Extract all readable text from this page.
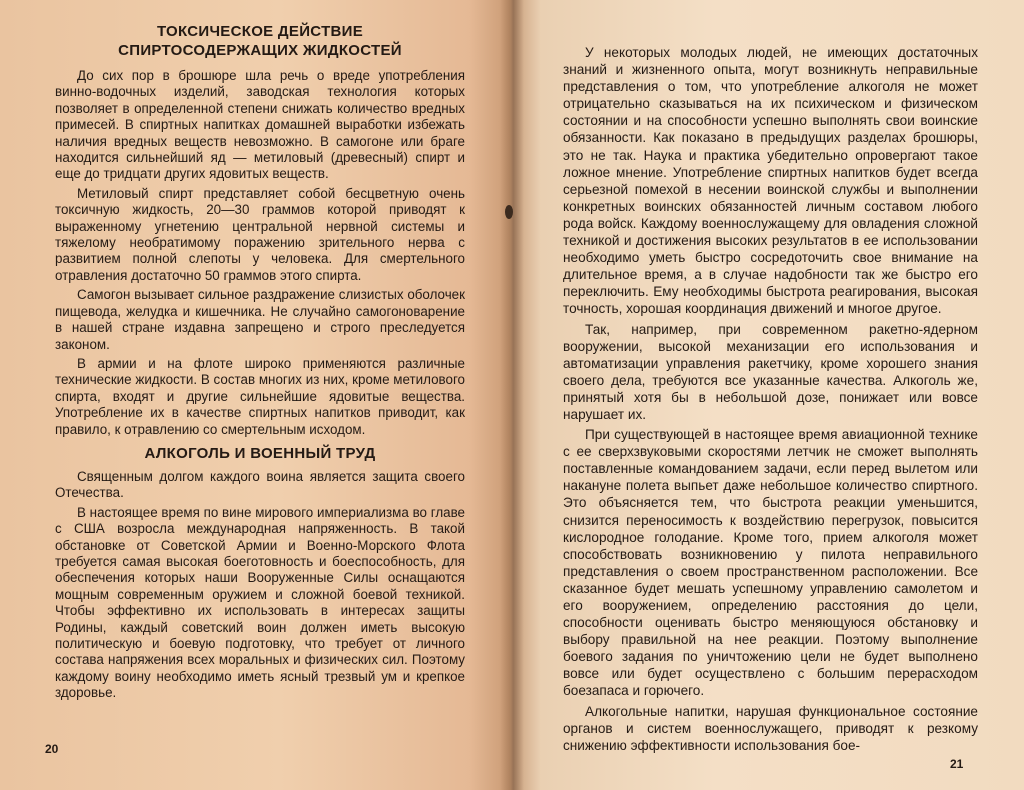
ТОКСИЧЕСКОЕ ДЕЙСТВИЕ
СПИРТОСОДЕРЖАЩИХ ЖИДКОСТЕЙ

До сих пор в брошюре шла речь о вреде употребления винно-водочных изделий, заводская технология которых позволяет в определенной степени снижать количество вредных примесей. В спиртных напитках домашней выработки избежать наличия вредных веществ невозможно. В самогоне или браге находится сильнейший яд — метиловый (древесный) спирт и еще до тридцати других ядовитых веществ.

Метиловый спирт представляет собой бесцветную очень токсичную жидкость, 20—30 граммов которой приводят к выраженному угнетению центральной нервной системы и тяжелому необратимому поражению зрительного нерва с развитием полной слепоты у человека. Для смертельного отравления достаточно 50 граммов этого спирта.

Самогон вызывает сильное раздражение слизистых оболочек пищевода, желудка и кишечника. Не случайно самогоноварение в нашей стране издавна запрещено и строго преследуется законом.

В армии и на флоте широко применяются различные технические жидкости. В состав многих из них, кроме метилового спирта, входят и другие сильнейшие ядовитые вещества. Употребление их в качестве спиртных напитков приводит, как правило, к отравлению со смертельным исходом.

АЛКОГОЛЬ И ВОЕННЫЙ ТРУД

Священным долгом каждого воина является защита своего Отечества.

В настоящее время по вине мирового империализма во главе с США возросла международная напряженность. В такой обстановке от Советской Армии и Военно-Морского Флота требуется самая высокая боеготовность и боеспособность, для обеспечения которых наши Вооруженные Силы оснащаются мощным современным оружием и сложной боевой техникой. Чтобы эффективно их использовать в интересах защиты Родины, каждый советский воин должен иметь высокую политическую и боевую подготовку, что требует от личного состава напряжения всех моральных и физических сил. Поэтому каждому воину необходимо иметь ясный трезвый ум и крепкое здоровье.

20

У некоторых молодых людей, не имеющих достаточных знаний и жизненного опыта, могут возникнуть неправильные представления о том, что употребление алкоголя не может отрицательно сказываться на их психическом и физическом состоянии и на способности успешно выполнять свои воинские обязанности. Как показано в предыдущих разделах брошюры, это не так. Наука и практика убедительно опровергают такое ложное мнение. Употребление спиртных напитков будет всегда серьезной помехой в несении воинской службы и выполнении конкретных воинских обязанностей личным составом любого рода войск. Каждому военнослужащему для овладения сложной техникой и достижения высоких результатов в ее использовании необходимо уметь быстро сосредоточить свое внимание на длительное время, а в случае надобности так же быстро его переключить. Ему необходимы быстрота реагирования, высокая точность, хорошая координация движений и многое другое.

Так, например, при современном ракетно-ядерном вооружении, высокой механизации его использования и автоматизации управления ракетчику, кроме хорошего знания своего дела, требуются все указанные качества. Алкоголь же, принятый хотя бы в небольшой дозе, понижает или вовсе нарушает их.

При существующей в настоящее время авиационной технике с ее сверхзвуковыми скоростями летчик не сможет выполнять поставленные командованием задачи, если перед вылетом или накануне полета выпьет даже небольшое количество спиртного. Это объясняется тем, что быстрота реакции уменьшится, снизится переносимость к воздействию перегрузок, повысится кислородное голодание. Кроме того, прием алкоголя может способствовать возникновению у пилота неправильного представления о своем пространственном расположении. Все сказанное будет мешать успешному управлению самолетом и его вооружением, определению расстояния до цели, способности оценивать быстро меняющуюся обстановку и выбору правильной на нее реакции. Поэтому выполнение боевого задания по уничтожению цели не будет выполнено вовсе или будет осуществлено с большим перерасходом боезапаса и горючего.

Алкогольные напитки, нарушая функциональное состояние органов и систем военнослужащего, приводят к резкому снижению эффективности использования бое-

21
